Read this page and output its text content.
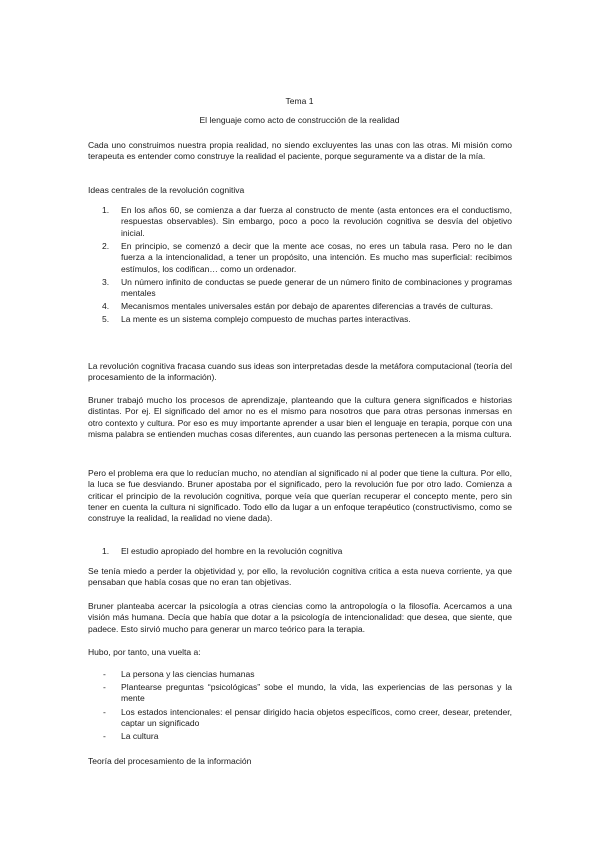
Tema 1
El lenguaje como acto de construcción de la realidad

Cada uno construimos nuestra propia realidad, no siendo excluyentes las unas con las otras. Mi misión como terapeuta es entender como construye la realidad el paciente, porque seguramente va a distar de la mía.

Ideas centrales de la revolución cognitiva

1. En los años 60, se comienza a dar fuerza al constructo de mente (asta entonces era el conductismo, respuestas observables). Sin embargo, poco a poco la revolución cognitiva se desvía del objetivo inicial.
2. En principio, se comenzó a decir que la mente ace cosas, no eres un tabula rasa. Pero no le dan fuerza a la intencionalidad, a tener un propósito, una intención. Es mucho mas superficial: recibimos estímulos, los codifican… como un ordenador.
3. Un número infinito de conductas se puede generar de un número finito de combinaciones y programas mentales
4. Mecanismos mentales universales están por debajo de aparentes diferencias a través de culturas.
5. La mente es un sistema complejo compuesto de muchas partes interactivas.

La revolución cognitiva fracasa cuando sus ideas son interpretadas desde la metáfora computacional (teoría del procesamiento de la información).

Bruner trabajó mucho los procesos de aprendizaje, planteando que la cultura genera significados e historias distintas. Por ej. El significado del amor no es el mismo para nosotros que para otras personas inmersas en otro contexto y cultura. Por eso es muy importante aprender a usar bien el lenguaje en terapia, porque con una misma palabra se entienden muchas cosas diferentes, aun cuando las personas pertenecen a la misma cultura.

Pero el problema era que lo reducían mucho, no atendían al significado ni al poder que tiene la cultura. Por ello, la luca se fue desviando. Bruner apostaba por el significado, pero la revolución fue por otro lado. Comienza a criticar el principio de la revolución cognitiva, porque veía que querían recuperar el concepto mente, pero sin tener en cuenta la cultura ni significado. Todo ello da lugar a un enfoque terapéutico (constructivismo, como se construye la realidad, la realidad no viene dada).

1. El estudio apropiado del hombre en la revolución cognitiva

Se tenía miedo a perder la objetividad y, por ello, la revolución cognitiva critica a esta nueva corriente, ya que pensaban que había cosas que no eran tan objetivas.

Bruner planteaba acercar la psicología a otras ciencias como la antropología o la filosofía. Acercamos a una visión más humana. Decía que había que dotar a la psicología de intencionalidad: que desea, que siente, que padece. Esto sirvió mucho para generar un marco teórico para la terapia.

Hubo, por tanto, una vuelta a:

- La persona y las ciencias humanas
- Plantearse preguntas “psicológicas” sobe el mundo, la vida, las experiencias de las personas y la mente
- Los estados intencionales: el pensar dirigido hacia objetos específicos, como creer, desear, pretender, captar un significado
- La cultura

Teoría del procesamiento de la información
